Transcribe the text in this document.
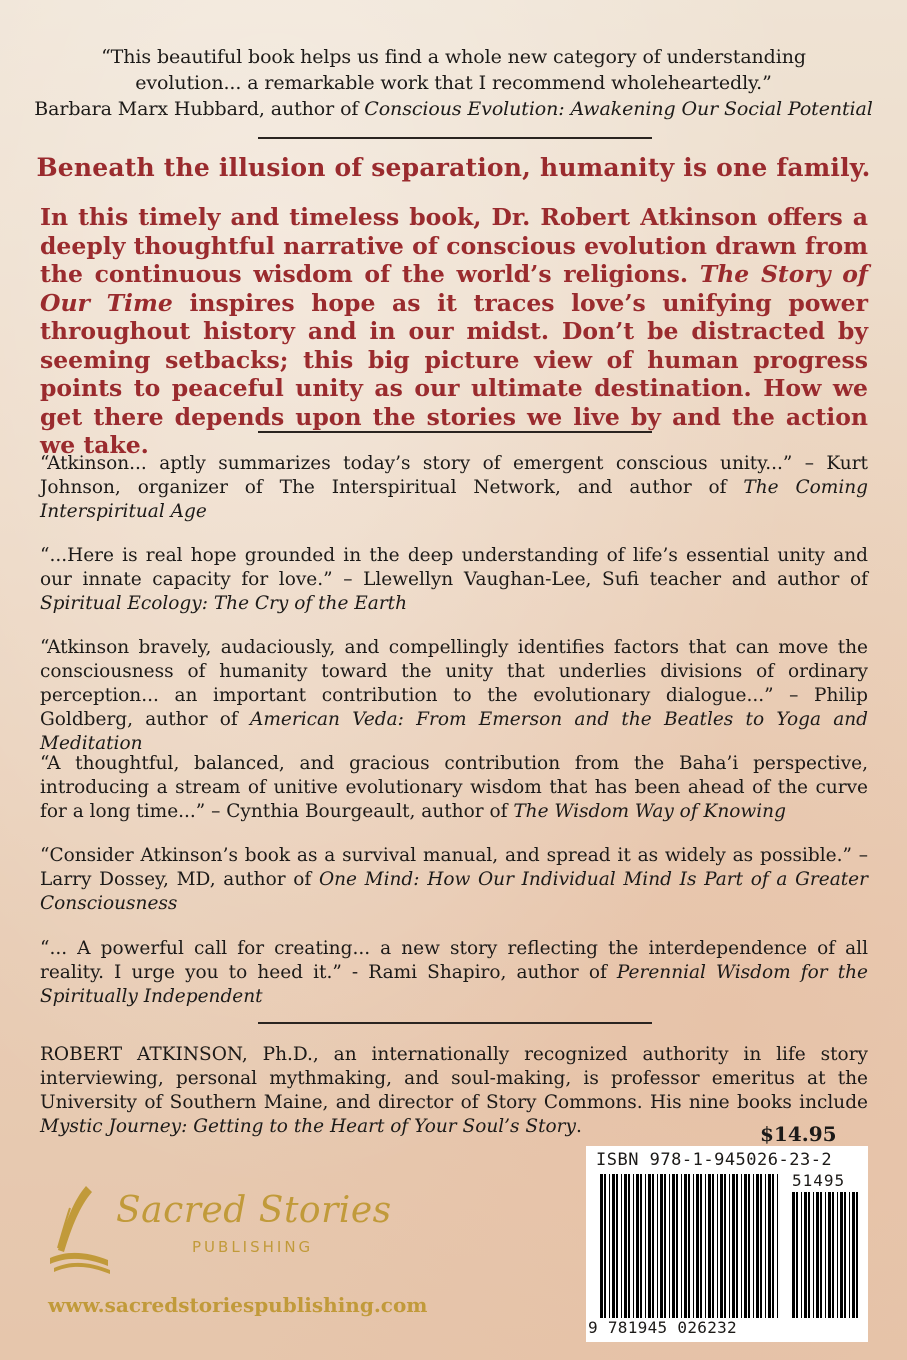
“This beautiful book helps us find a whole new category of understanding
evolution... a remarkable work that I recommend wholeheartedly.”
Barbara Marx Hubbard, author of Conscious Evolution: Awakening Our Social Potential
Beneath the illusion of separation, humanity is one family.
In this timely and timeless book, Dr. Robert Atkinson offers a deeply thoughtful narrative of conscious evolution drawn from the continuous wisdom of the world’s religions. The Story of Our Time inspires hope as it traces love’s unifying power throughout history and in our midst. Don’t be distracted by seeming setbacks; this big picture view of human progress points to peaceful unity as our ultimate destination. How we get there depends upon the stories we live by and the action we take.
“Atkinson... aptly summarizes today’s story of emergent conscious unity...” – Kurt Johnson, organizer of The Interspiritual Network, and author of The Coming Interspiritual Age
“...Here is real hope grounded in the deep understanding of life’s essential unity and our innate capacity for love.” – Llewellyn Vaughan-Lee, Sufi teacher and author of Spiritual Ecology: The Cry of the Earth
“Atkinson bravely, audaciously, and compellingly identifies factors that can move the consciousness of humanity toward the unity that underlies divisions of ordinary perception... an important contribution to the evolutionary dialogue...” – Philip Goldberg, author of American Veda: From Emerson and the Beatles to Yoga and Meditation
“A thoughtful, balanced, and gracious contribution from the Baha’i perspective, introducing a stream of unitive evolutionary wisdom that has been ahead of the curve for a long time...” – Cynthia Bourgeault, author of The Wisdom Way of Knowing
“Consider Atkinson’s book as a survival manual, and spread it as widely as possible.” – Larry Dossey, MD, author of One Mind: How Our Individual Mind Is Part of a Greater Consciousness
“... A powerful call for creating... a new story reflecting the interdependence of all reality. I urge you to heed it.” - Rami Shapiro, author of Perennial Wisdom for the Spiritually Independent
ROBERT ATKINSON, Ph.D., an internationally recognized authority in life story interviewing, personal mythmaking, and soul-making, is professor emeritus at the University of Southern Maine, and director of Story Commons. His nine books include Mystic Journey: Getting to the Heart of Your Soul’s Story.	$14.95
ISBN 978-1-945026-23-2
51495
9 781945 026232
Sacred Stories
PUBLISHING
www.sacredstoriespublishing.com
